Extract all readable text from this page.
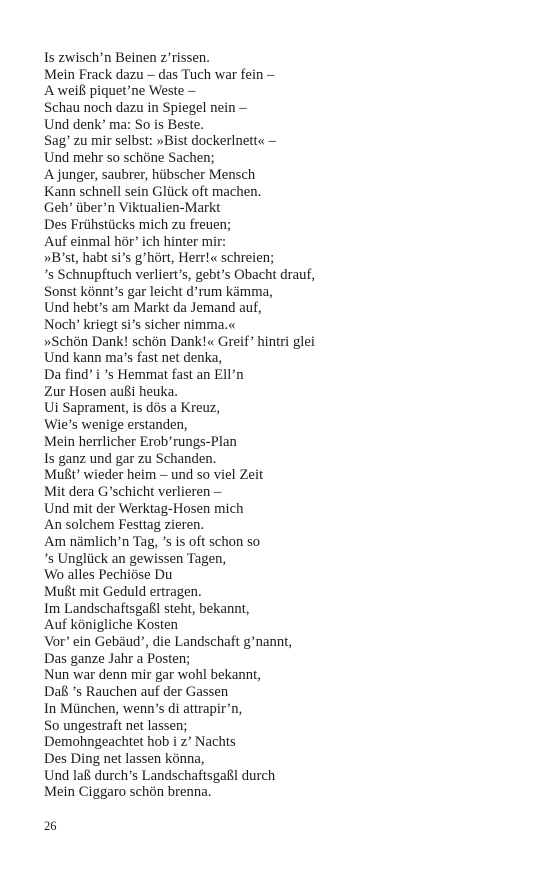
Is zwisch’n Beinen z’rissen.
Mein Frack dazu – das Tuch war fein –
A weiß piquet’ne Weste –
Schau noch dazu in Spiegel nein –
Und denk’ ma: So is Beste.
Sag’ zu mir selbst: »Bist dockerlnett« –
Und mehr so schöne Sachen;
A junger, saubrer, hübscher Mensch
Kann schnell sein Glück oft machen.
Geh’ über’n Viktualien-Markt
Des Frühstücks mich zu freuen;
Auf einmal hör’ ich hinter mir:
»B’st, habt si’s g’hört, Herr!« schreien;
’s Schnupftuch verliert’s, gebt’s Obacht drauf,
Sonst könnt’s gar leicht d’rum kämma,
Und hebt’s am Markt da Jemand auf,
Noch’ kriegt si’s sicher nimma.«
»Schön Dank! schön Dank!« Greif’ hintri glei
Und kann ma’s fast net denka,
Da find’ i ’s Hemmat fast an Ell’n
Zur Hosen außi heuka.
Ui Saprament, is dös a Kreuz,
Wie’s wenige erstanden,
Mein herrlicher Erob’rungs-Plan
Is ganz und gar zu Schanden.
Mußt’ wieder heim – und so viel Zeit
Mit dera G’schicht verlieren –
Und mit der Werktag-Hosen mich
An solchem Festtag zieren.
Am nämlich’n Tag, ’s is oft schon so
’s Unglück an gewissen Tagen,
Wo alles Pechiöse Du
Mußt mit Geduld ertragen.
Im Landschaftsgaßl steht, bekannt,
Auf königliche Kosten
Vor’ ein Gebäud’, die Landschaft g’nannt,
Das ganze Jahr a Posten;
Nun war denn mir gar wohl bekannt,
Daß ’s Rauchen auf der Gassen
In München, wenn’s di attrapir’n,
So ungestraft net lassen;
Demohngeachtet hob i z’ Nachts
Des Ding net lassen könna,
Und laß durch’s Landschaftsgaßl durch
Mein Ciggaro schön brenna.
26
